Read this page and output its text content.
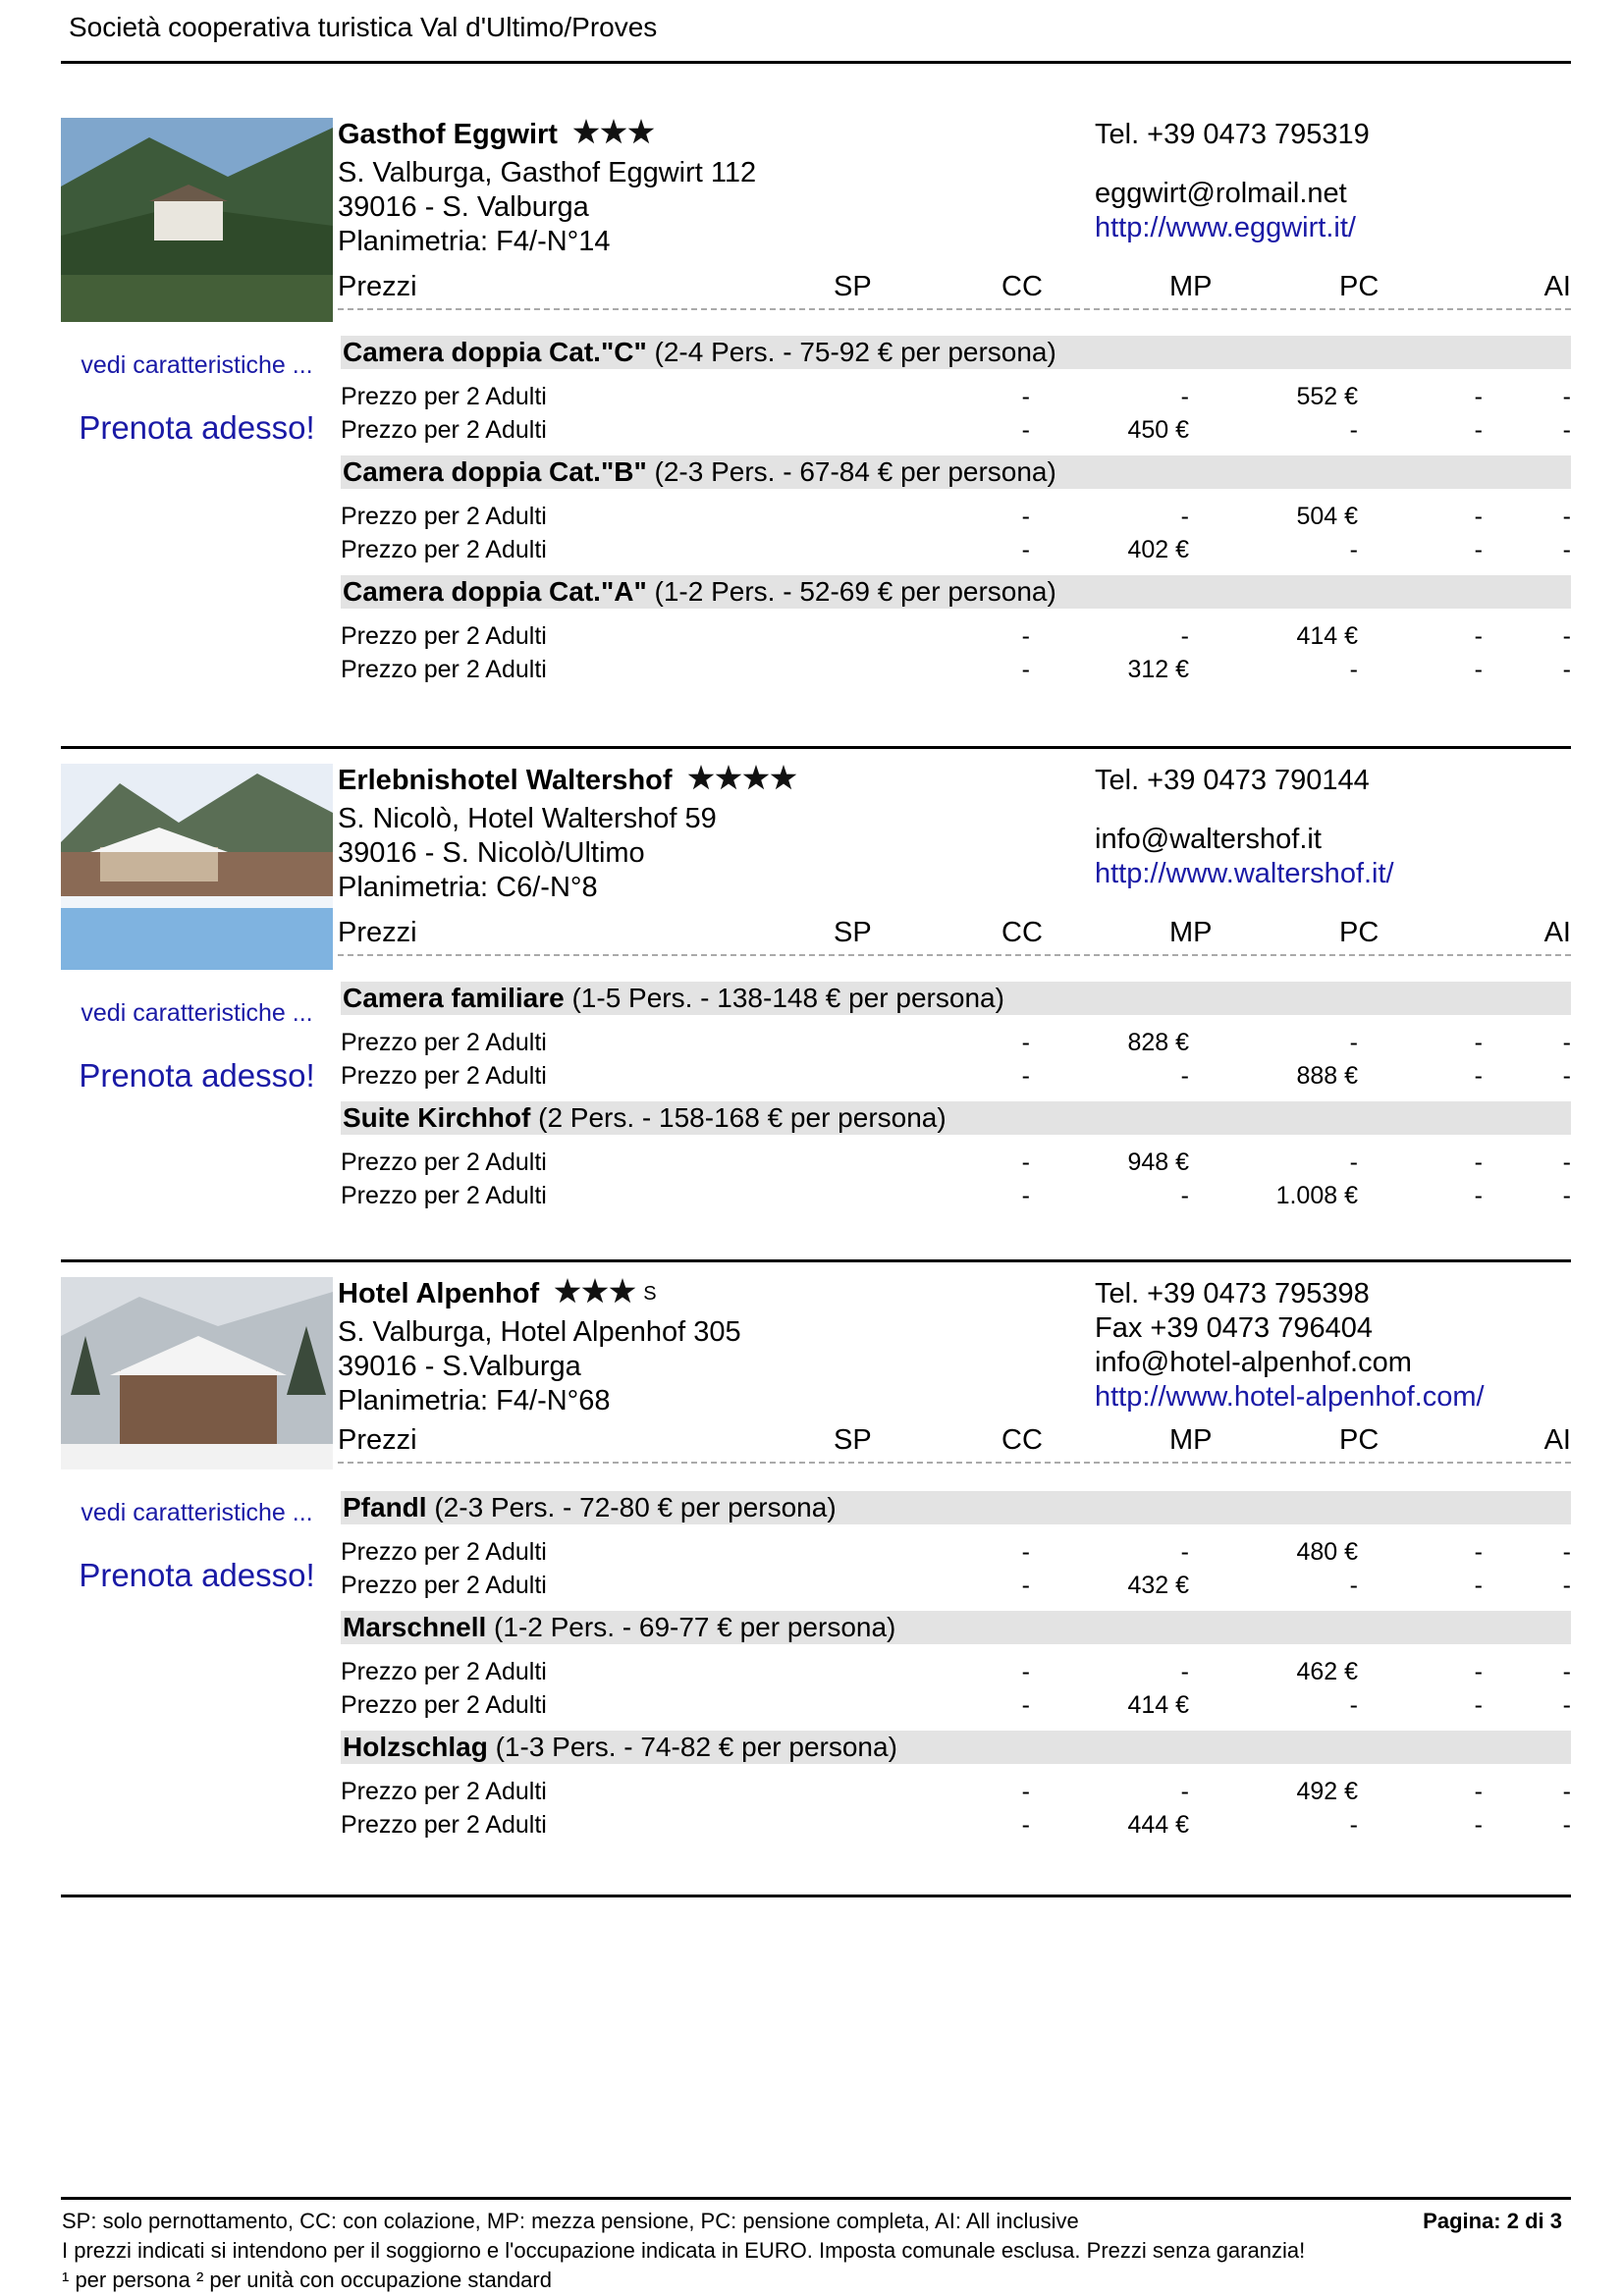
Società cooperativa turistica Val d'Ultimo/Proves
vedi caratteristiche ...
Prenota adesso!
Gasthof Eggwirt
S. Valburga, Gasthof Eggwirt 112
39016 - S. Valburga
Planimetria: F4/-N°14
Tel. +39 0473 795319
eggwirt@rolmail.net
http://www.eggwirt.it/
Prezzi	SP	CC	MP	PC	AI
Camera doppia Cat."C" (2-4 Pers. - 75-92 € per persona)
Prezzo per 2 Adulti	-	-	552 €	-	-
Prezzo per 2 Adulti	-	450 €	-	-	-
Camera doppia Cat."B" (2-3 Pers. - 67-84 € per persona)
Prezzo per 2 Adulti	-	-	504 €	-	-
Prezzo per 2 Adulti	-	402 €	-	-	-
Camera doppia Cat."A" (1-2 Pers. - 52-69 € per persona)
Prezzo per 2 Adulti	-	-	414 €	-	-
Prezzo per 2 Adulti	-	312 €	-	-	-
vedi caratteristiche ...
Prenota adesso!
Erlebnishotel Waltershof
S. Nicolò, Hotel Waltershof 59
39016 - S. Nicolò/Ultimo
Planimetria: C6/-N°8
Tel. +39 0473 790144
info@waltershof.it
http://www.waltershof.it/
Prezzi	SP	CC	MP	PC	AI
Camera familiare (1-5 Pers. - 138-148 € per persona)
Prezzo per 2 Adulti	-	828 €	-	-	-
Prezzo per 2 Adulti	-	-	888 €	-	-
Suite Kirchhof (2 Pers. - 158-168 € per persona)
Prezzo per 2 Adulti	-	948 €	-	-	-
Prezzo per 2 Adulti	-	-	1.008 €	-	-
vedi caratteristiche ...
Prenota adesso!
Hotel Alpenhof	$^S$
S. Valburga, Hotel Alpenhof 305
39016 - S.Valburga
Planimetria: F4/-N°68
Tel. +39 0473 795398
Fax +39 0473 796404
info@hotel-alpenhof.com
http://www.hotel-alpenhof.com/
Prezzi	SP	CC	MP	PC	AI
Pfandl (2-3 Pers. - 72-80 € per persona)
Prezzo per 2 Adulti	-	-	480 €	-	-
Prezzo per 2 Adulti	-	432 €	-	-	-
Marschnell (1-2 Pers. - 69-77 € per persona)
Prezzo per 2 Adulti	-	-	462 €	-	-
Prezzo per 2 Adulti	-	414 €	-	-	-
Holzschlag (1-3 Pers. - 74-82 € per persona)
Prezzo per 2 Adulti	-	-	492 €	-	-
Prezzo per 2 Adulti	-	444 €	-	-	-
SP: solo pernottamento, CC: con colazione, MP: mezza pensione, PC: pensione completa, AI: All inclusive	Pagina: 2 di 3
I prezzi indicati si intendono per il soggiorno e l'occupazione indicata in EURO. Imposta comunale esclusa. Prezzi senza garanzia!
¹ per persona ² per unità con occupazione standard
